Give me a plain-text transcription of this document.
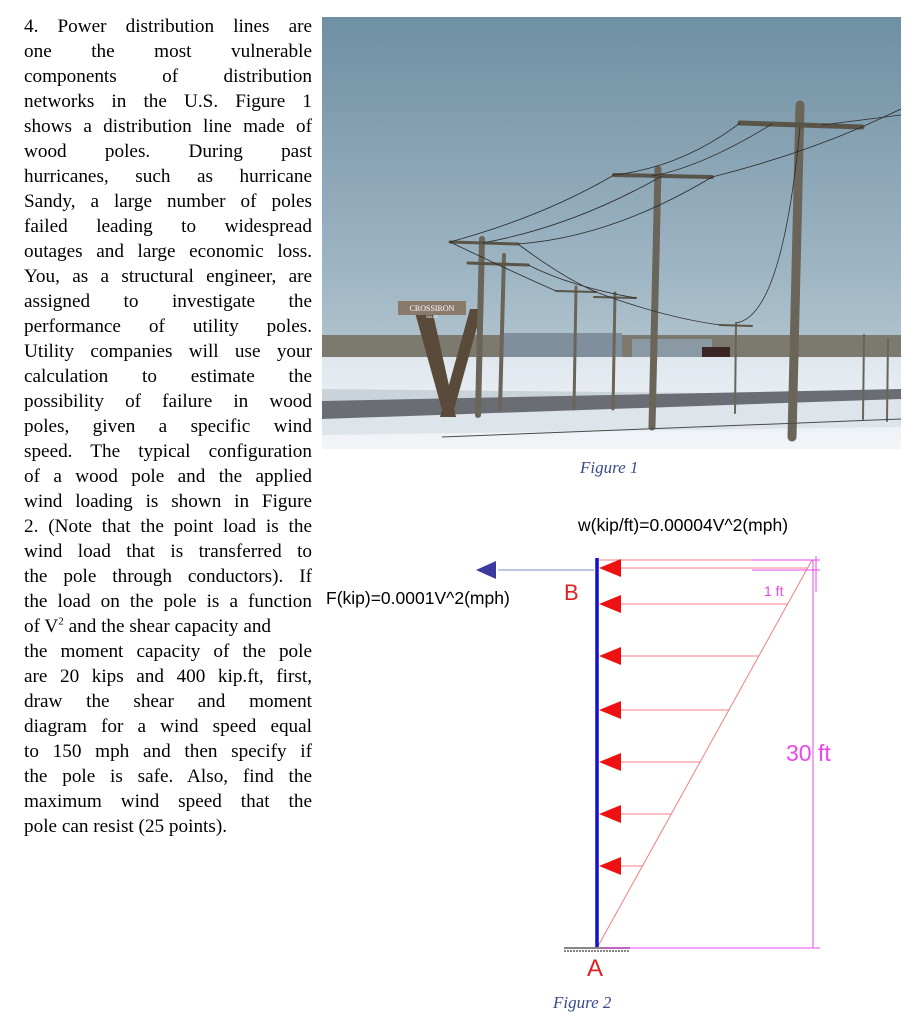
4. Power distribution lines are
one the most vulnerable
components of distribution
networks in the U.S. Figure 1
shows a distribution line made of
wood poles. During past
hurricanes, such as hurricane
Sandy, a large number of poles
failed leading to widespread
outages and large economic loss.
You, as a structural engineer, are
assigned to investigate the
performance of utility poles.
Utility companies will use your
calculation to estimate the
possibility of failure in wood
poles, given a specific wind
speed. The typical configuration
of a wood pole and the applied
wind loading is shown in Figure
2. (Note that the point load is the
wind load that is transferred to
the pole through conductors). If
the load on the pole is a function
of $V^2$ and the shear capacity and
the moment capacity of the pole
are 20 kips and 400 kip.ft, first,
draw the shear and moment
diagram for a wind speed equal
to 150 mph and then specify if
the pole is safe. Also, find the
maximum wind speed that the
pole can resist (25 points).
CROSSIRON
MILLS
Figure 1
w(kip/ft)=0.00004V^2(mph)
F(kip)=0.0001V^2(mph) B
A
1 ft
30 ft
Figure 2
